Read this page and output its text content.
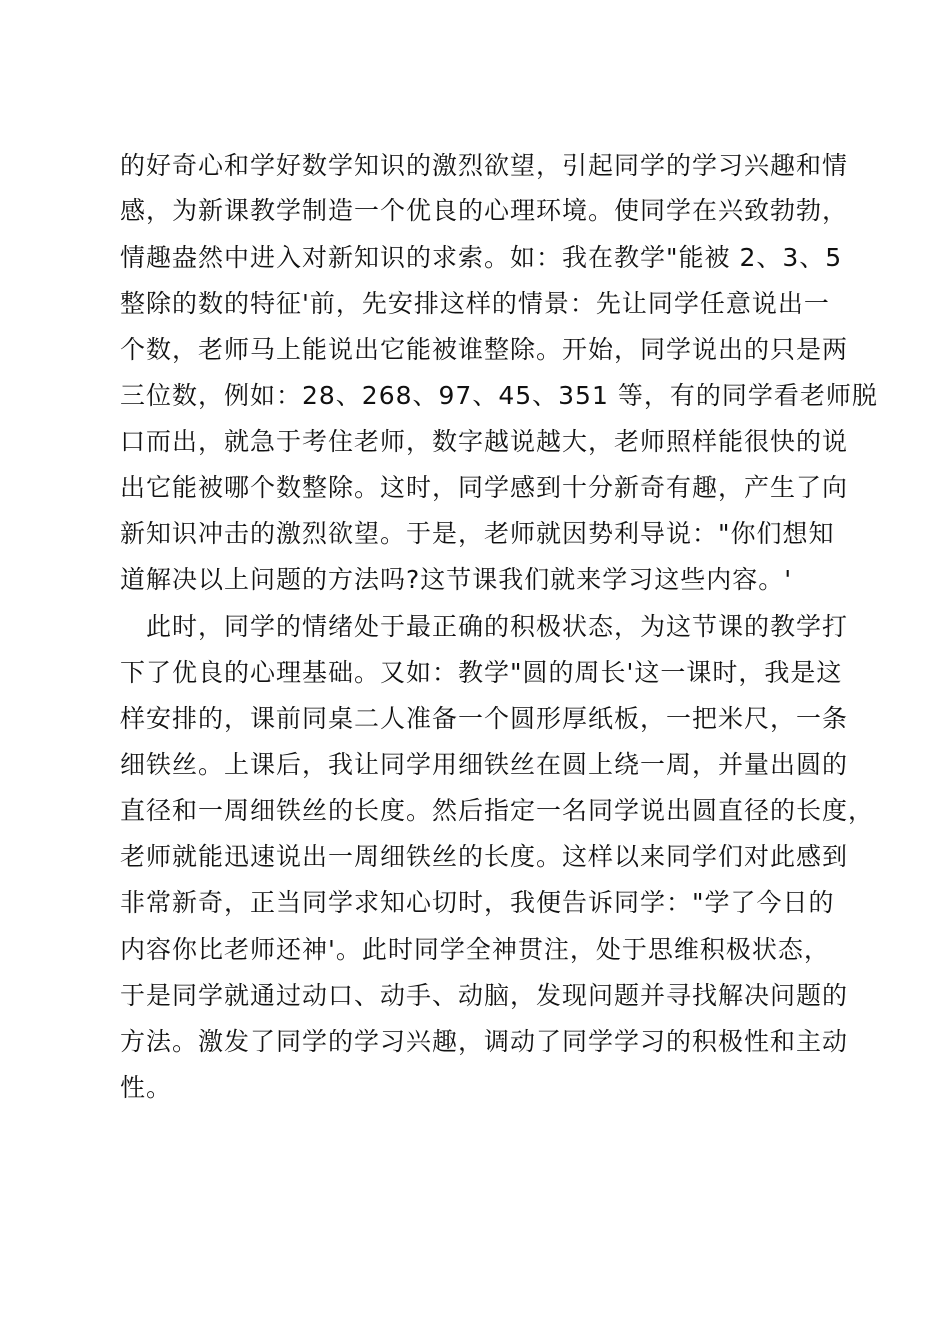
的好奇心和学好数学知识的激烈欲望，引起同学的学习兴趣和情
感，为新课教学制造一个优良的心理环境。使同学在兴致勃勃，
情趣盎然中进入对新知识的求索。如：我在教学"能被 2、3、5
整除的数的特征'前，先安排这样的情景：先让同学任意说出一
个数，老师马上能说出它能被谁整除。开始，同学说出的只是两
三位数，例如：28、268、97、45、351 等，有的同学看老师脱
口而出，就急于考住老师，数字越说越大，老师照样能很快的说
出它能被哪个数整除。这时，同学感到十分新奇有趣，产生了向
新知识冲击的激烈欲望。于是，老师就因势利导说："你们想知
道解决以上问题的方法吗?这节课我们就来学习这些内容。'
　此时，同学的情绪处于最正确的积极状态，为这节课的教学打
下了优良的心理基础。又如：教学"圆的周长'这一课时，我是这
样安排的，课前同桌二人准备一个圆形厚纸板，一把米尺，一条
细铁丝。上课后，我让同学用细铁丝在圆上绕一周，并量出圆的
直径和一周细铁丝的长度。然后指定一名同学说出圆直径的长度，
老师就能迅速说出一周细铁丝的长度。这样以来同学们对此感到
非常新奇，正当同学求知心切时，我便告诉同学："学了今日的
内容你比老师还神'。此时同学全神贯注，处于思维积极状态，
于是同学就通过动口、动手、动脑，发现问题并寻找解决问题的
方法。激发了同学的学习兴趣，调动了同学学习的积极性和主动
性。
